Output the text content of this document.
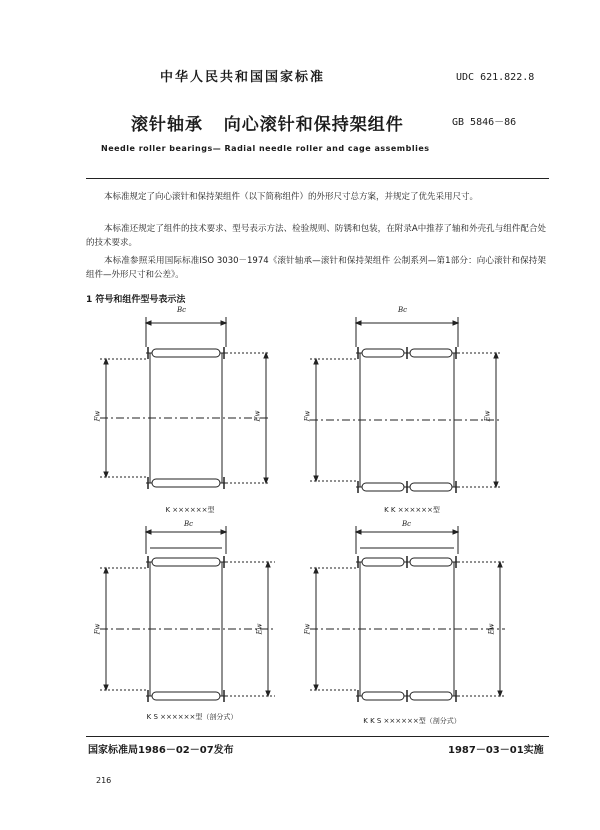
中华人民共和国国家标准	UDC 621.822.8
滚针轴承   向心滚针和保持架组件	GB 5846－86
Needle roller bearings— Radial needle roller and cage assemblies
本标准规定了向心滚针和保持架组件（以下简称组件）的外形尺寸总方案，并规定了优先采用尺寸。
本标准还规定了组件的技术要求、型号表示方法、检验规则、防锈和包装，在附录A中推荐了轴和外壳孔与组件配合处的技术要求。
本标准参照采用国际标准ISO 3030－1974《滚针轴承—滚针和保持架组件 公制系列—第1部分：向心滚针和保持架组件—外形尺寸和公差》。
1 符号和组件型号表示法
Bc
Fw	Ew
K ××××××型
Bc
Fw	Ew
K K ××××××型
Bc
Fw	Ew
K S ××××××型（剖分式）
Bc
Fw	Ew
K K S ××××××型（剖分式）
国家标准局1986－02－07发布	1987－03－01实施
216
